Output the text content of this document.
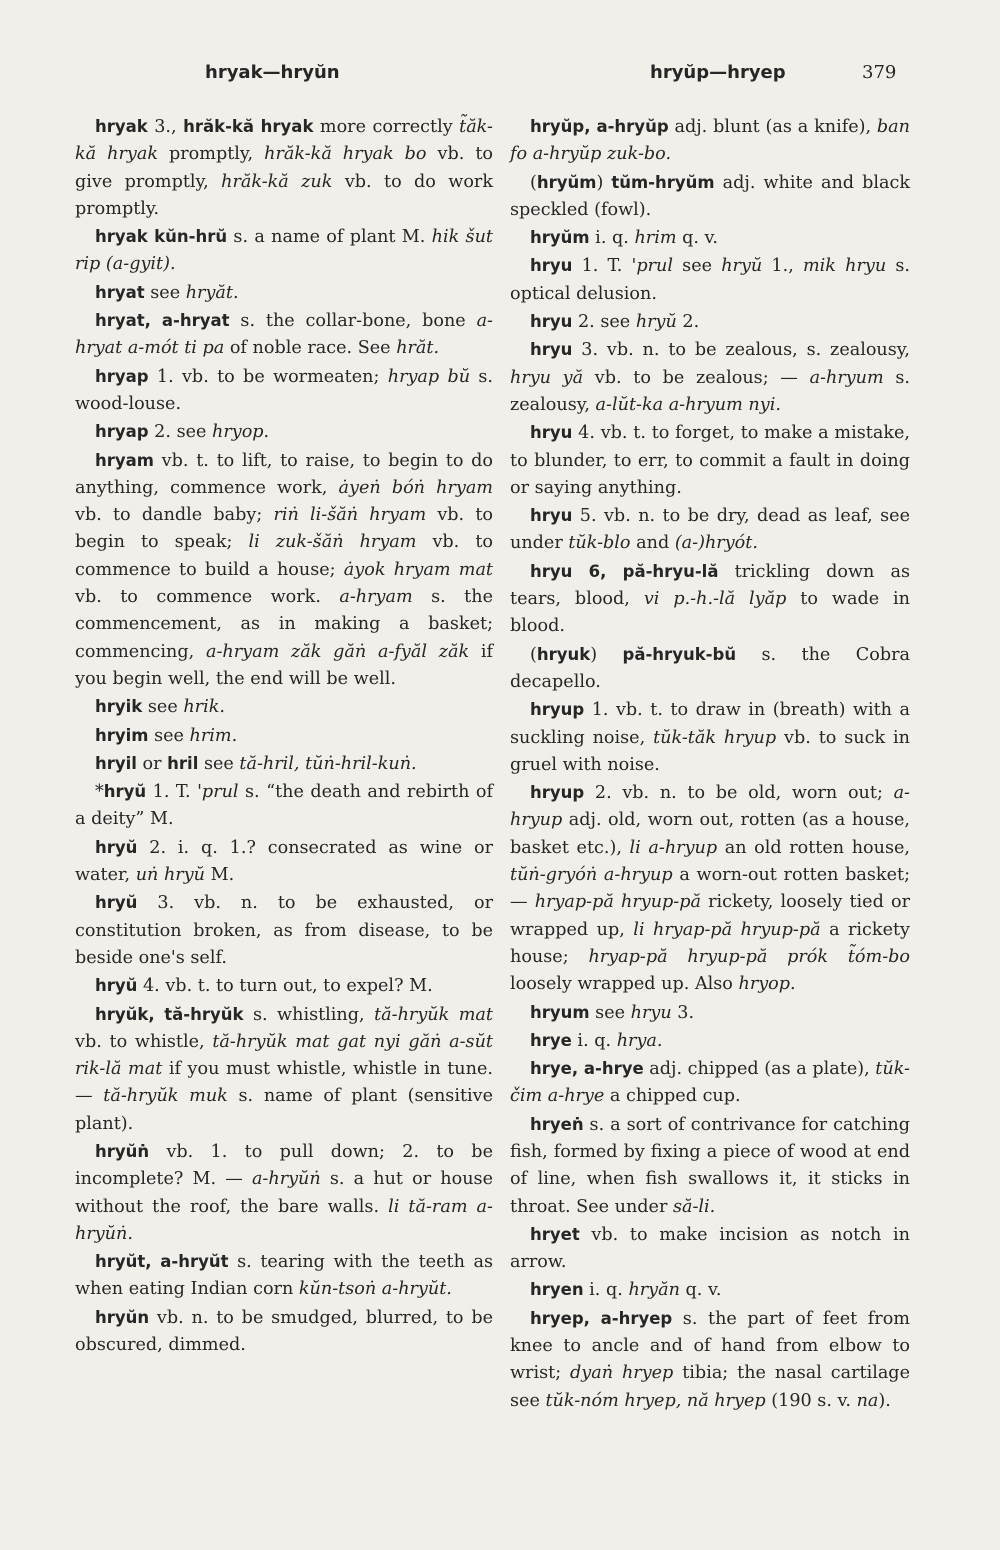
hryak—hryŭn	hryŭp—hryep	379

hryak 3., hrăk-kă hryak more correctly t̃ăk-kă hryak promptly, hrăk-kă hryak bo vb. to give promptly, hrăk-kă zuk vb. to do work promptly.

hryak kŭn-hrŭ s. a name of plant M. hik šut rip (a-gyit).

hryat see hryăt.

hryat, a-hryat s. the collar-bone, bone a-hryat a-mót ti pa of noble race. See hrăt.

hryap 1. vb. to be wormeaten; hryap bŭ s. wood-louse.

hryap 2. see hryop.

hryam vb. t. to lift, to raise, to begin to do anything, commence work, ȧyeṅ bóṅ hryam vb. to dandle baby; riṅ li-šăṅ hryam vb. to begin to speak; li zuk-šăṅ hryam vb. to commence to build a house; ȧyok hryam mat vb. to commence work. a-hryam s. the commencement, as in making a basket; commencing, a-hryam zăk găṅ a-fyăl zăk if you begin well, the end will be well.

hryik see hrik.

hryim see hrim.

hryil or hril see tă-hril, tŭṅ-hril-kuṅ.

*hryŭ 1. T. 'prul s. “the death and rebirth of a deity” M.

hryŭ 2. i. q. 1.? consecrated as wine or water, uṅ hryŭ M.

hryŭ 3. vb. n. to be exhausted, or constitution broken, as from disease, to be beside one's self.

hryŭ 4. vb. t. to turn out, to expel? M.

hryŭk, tă-hryŭk s. whistling, tă-hryŭk mat vb. to whistle, tă-hryŭk mat gat nyi găṅ a-sŭt rik-lă mat if you must whistle, whistle in tune. — tă-hryŭk muk s. name of plant (sensitive plant).

hryŭṅ vb. 1. to pull down; 2. to be incomplete? M. — a-hryŭṅ s. a hut or house without the roof, the bare walls. li tă-ram a-hryŭṅ.

hryŭt, a-hryŭt s. tearing with the teeth as when eating Indian corn kŭn-tsoṅ a-hryŭt.

hryŭn vb. n. to be smudged, blurred, to be obscured, dimmed.

hryŭp, a-hryŭp adj. blunt (as a knife), ban fo a-hryŭp zuk-bo.

(hryŭm) tŭm-hryŭm adj. white and black speckled (fowl).

hryŭm i. q. hrim q. v.

hryu 1. T. 'prul see hryŭ 1., mik hryu s. optical delusion.

hryu 2. see hryŭ 2.

hryu 3. vb. n. to be zealous, s. zealousy, hryu yă vb. to be zealous; — a-hryum s. zealousy, a-lŭt-ka a-hryum nyi.

hryu 4. vb. t. to forget, to make a mistake, to blunder, to err, to commit a fault in doing or saying anything.

hryu 5. vb. n. to be dry, dead as leaf, see under tŭk-blo and (a-)hryót.

hryu 6, pă-hryu-lă trickling down as tears, blood, vi p.-h.-lă lyăp to wade in blood.

(hryuk) pă-hryuk-bŭ s. the Cobra decapello.

hryup 1. vb. t. to draw in (breath) with a suckling noise, tŭk-tăk hryup vb. to suck in gruel with noise.

hryup 2. vb. n. to be old, worn out; a-hryup adj. old, worn out, rotten (as a house, basket etc.), li a-hryup an old rotten house, tŭṅ-gryóṅ a-hryup a worn-out rotten basket; — hryap-pă hryup-pă rickety, loosely tied or wrapped up, li hryap-pă hryup-pă a rickety house; hryap-pă hryup-pă prók t̃óm-bo loosely wrapped up. Also hryop.

hryum see hryu 3.

hrye i. q. hrya.

hrye, a-hrye adj. chipped (as a plate), tŭk-čim a-hrye a chipped cup.

hryeṅ s. a sort of contrivance for catching fish, formed by fixing a piece of wood at end of line, when fish swallows it, it sticks in throat. See under să-li.

hryet vb. to make incision as notch in arrow.

hryen i. q. hryăn q. v.

hryep, a-hryep s. the part of feet from knee to ancle and of hand from elbow to wrist; dyaṅ hryep tibia; the nasal cartilage see tŭk-nóm hryep, nă hryep (190 s. v. na).
